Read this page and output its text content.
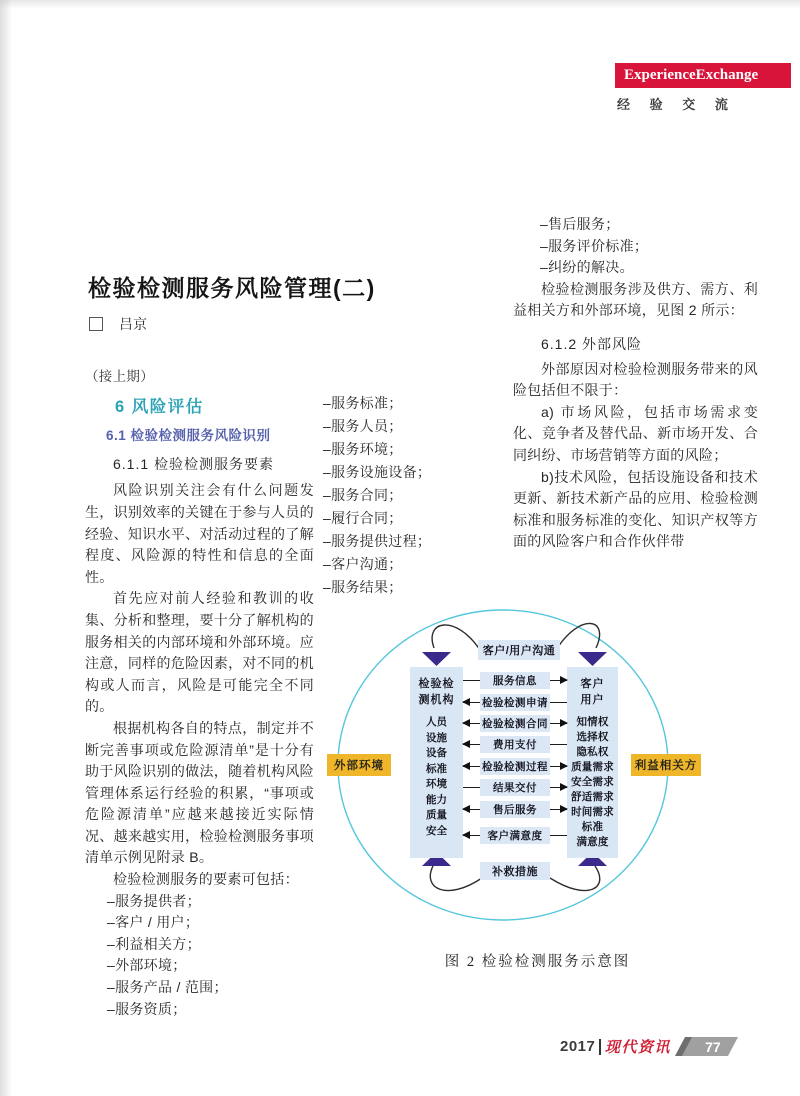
ExperienceExchange
经 验 交 流
检验检测服务风险管理(二)
吕京
（接上期）
6 风险评估
6.1 检验检测服务风险识别
6.1.1 检验检测服务要素

风险识别关注会有什么问题发生，识别效率的关键在于参与人员的经验、知识水平、对活动过程的了解程度、风险源的特性和信息的全面性。

首先应对前人经验和教训的收集、分析和整理，要十分了解机构的服务相关的内部环境和外部环境。应注意，同样的危险因素，对不同的机构或人而言，风险是可能完全不同的。

根据机构各自的特点，制定并不断完善事项或危险源清单”是十分有助于风险识别的做法，随着机构风险管理体系运行经验的积累，“事项或危险源清单”应越来越接近实际情况、越来越实用，检验检测服务事项清单示例见附录 B。

检验检测服务的要素可包括：

–服务提供者；
–客户 / 用户；
–利益相关方；
–外部环境；
–服务产品 / 范围；
–服务资质；
–服务标准；
–服务人员；
–服务环境；
–服务设施设备；
–服务合同；
–履行合同；
–服务提供过程；
–客户沟通；
–服务结果；
–售后服务；
–服务评价标准；
–纠纷的解决。

检验检测服务涉及供方、需方、利益相关方和外部环境，见图 2 所示：

6.1.2 外部风险

外部原因对检验检测服务带来的风险包括但不限于：

a) 市场风险，包括市场需求变化、竞争者及替代品、新市场开发、合同纠纷、市场营销等方面的风险；

b)技术风险，包括设施设备和技术更新、新技术新产品的应用、检验检测标准和服务标准的变化、知识产权等方面的风险客户和合作伙伴带

客户/用户沟通
检验检
测机构
人员
设施
设备
标准
环境
能力
质量
安全
客户
用户
知情权
选择权
隐私权
质量需求
安全需求
舒适需求
时间需求
标准
满意度
服务信息
检验检测申请
检验检测合同
费用支付
检验检测过程
结果交付
售后服务
客户满意度
补救措施
外部环境	利益相关方
图 2 检验检测服务示意图
2017 现代资讯	77
